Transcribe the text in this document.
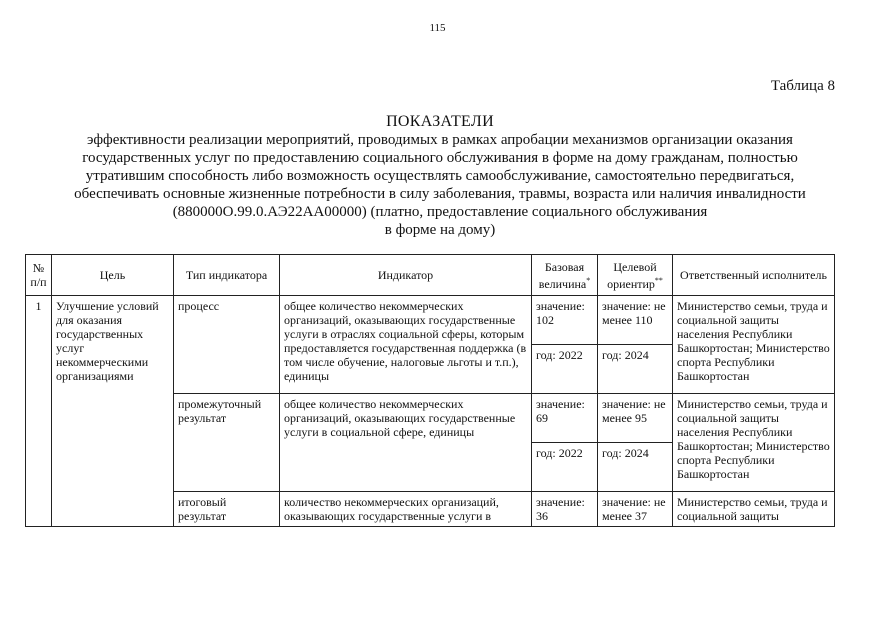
115
Таблица 8
ПОКАЗАТЕЛИ
эффективности реализации мероприятий, проводимых в рамках апробации механизмов организации оказания
государственных услуг по предоставлению социального обслуживания в форме на дому гражданам, полностью
утратившим способность либо возможность осуществлять самообслуживание, самостоятельно передвигаться,
обеспечивать основные жизненные потребности в силу заболевания, травмы, возраста или наличия инвалидности
(880000О.99.0.АЭ22АА00000) (платно, предоставление социального обслуживания
в форме на дому)
№ п/п	Цель	Тип индикатора	Индикатор	Базовая величина*	Целевой ориентир**	Ответственный исполнитель
1	Улучшение условий для оказания государственных услуг некоммерческими организациями	процесс	общее количество некоммерческих организаций, оказывающих государственные услуги в отраслях социальной сферы, которым предоставляется государственная поддержка (в том числе обучение, налоговые льготы и т.п.), единицы	значение: 102	значение: не менее 110	Министерство семьи, труда и социальной защиты населения Республики Башкортостан; Министерство спорта Республики Башкортостан
				год: 2022	год: 2024	
		промежуточный результат	общее количество некоммерческих организаций, оказывающих государственные услуги в социальной сфере, единицы	значение: 69	значение: не менее 95	Министерство семьи, труда и социальной защиты населения Республики Башкортостан; Министерство спорта Республики Башкортостан
				год: 2022	год: 2024	
		итоговый результат	количество некоммерческих организаций, оказывающих государственные услуги в	значение: 36	значение: не менее 37	Министерство семьи, труда и социальной защиты
